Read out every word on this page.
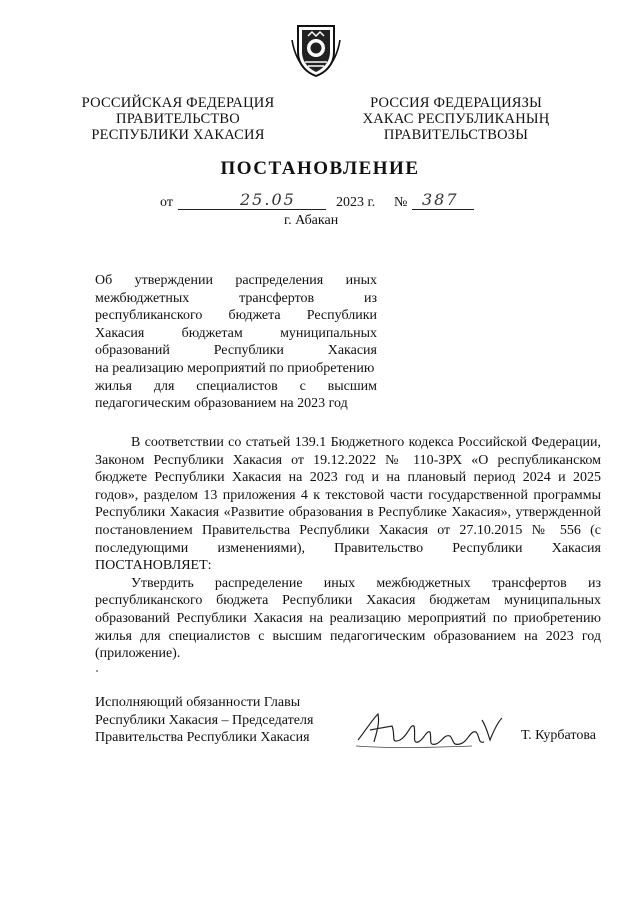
РОССИЙСКАЯ ФЕДЕРАЦИЯ
ПРАВИТЕЛЬСТВО
РЕСПУБЛИКИ ХАКАСИЯ
РОССИЯ ФЕДЕРАЦИЯЗЫ
ХАКАС РЕСПУБЛИКАНЫҢ
ПРАВИТЕЛЬСТВОЗЫ
ПОСТАНОВЛЕНИЕ
от	25.05	2023 г. № 387
г. Абакан
Об утверждении распределения иных
межбюджетных трансфертов из
республиканского бюджета Республики
Хакасия бюджетам муниципальных
образований Республики Хакасия
на реализацию мероприятий по приобретению
жилья для специалистов с высшим
педагогическим образованием на 2023 год

В соответствии со статьей 139.1 Бюджетного кодекса Российской Федерации, Законом Республики Хакасия от 19.12.2022 № 110-ЗРХ «О республиканском бюджете Республики Хакасия на 2023 год и на плановый период 2024 и 2025 годов», разделом 13 приложения 4 к текстовой части государственной программы Республики Хакасия «Развитие образования в Республике Хакасия», утвержденной постановлением Правительства Республики Хакасия от 27.10.2015 № 556 (с последующими изменениями), Правительство Республики Хакасия ПОСТАНОВЛЯЕТ:

Утвердить распределение иных межбюджетных трансфертов из республиканского бюджета Республики Хакасия бюджетам муниципальных образований Республики Хакасия на реализацию мероприятий по приобретению жилья для специалистов с высшим педагогическим образованием на 2023 год (приложение).

Исполняющий обязанности Главы
Республики Хакасия – Председателя
Правительства Республики Хакасия	Т. Курбатова
